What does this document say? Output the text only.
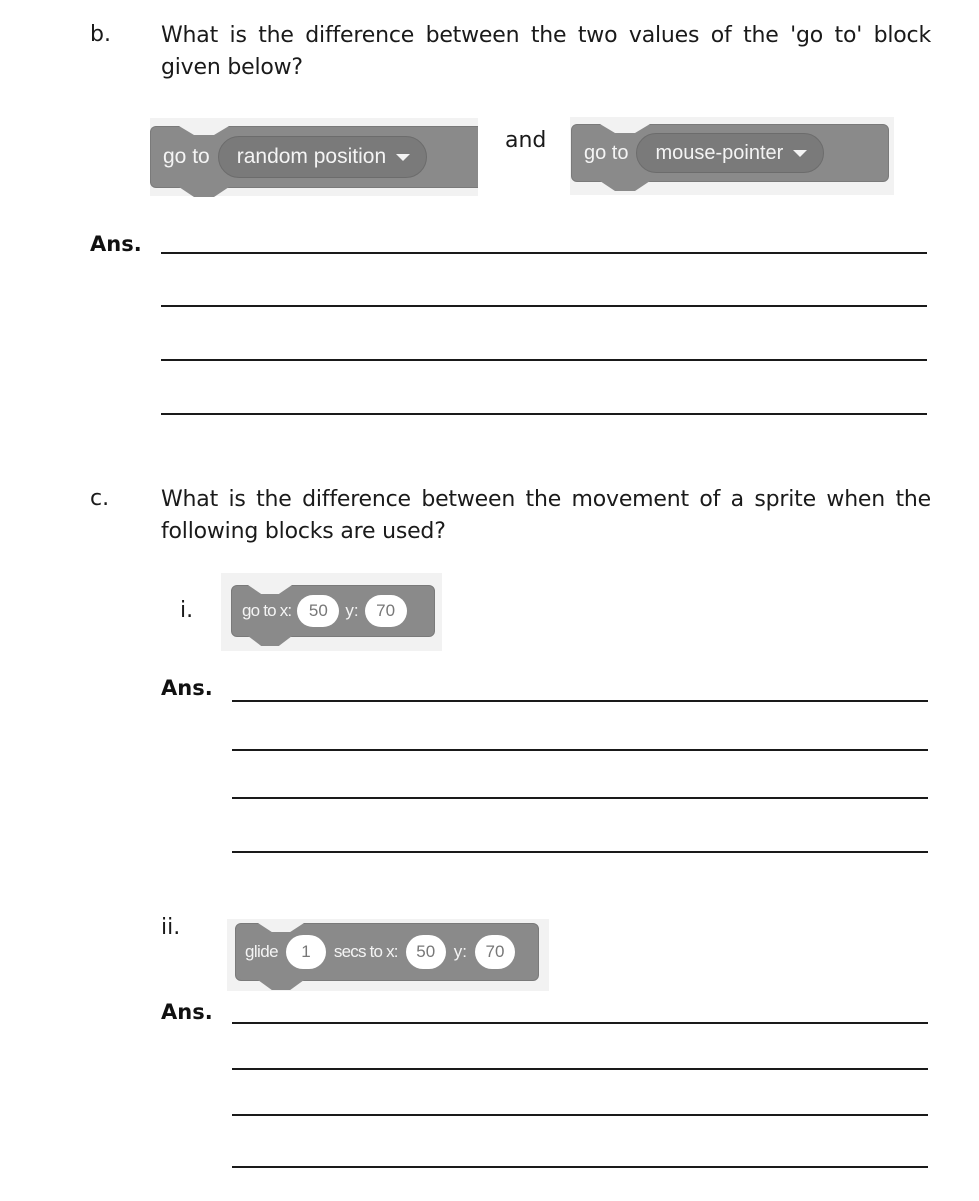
b. What is the difference between the two values of the 'go to' block given below?
go to random position
and go to mouse-pointer
Ans.
c. What is the difference between the movement of a sprite when the following blocks are used?
i.	go to x:	50	y:	70
Ans.
ii.
glide	1	secs to x:	50	y:	70
Ans.
